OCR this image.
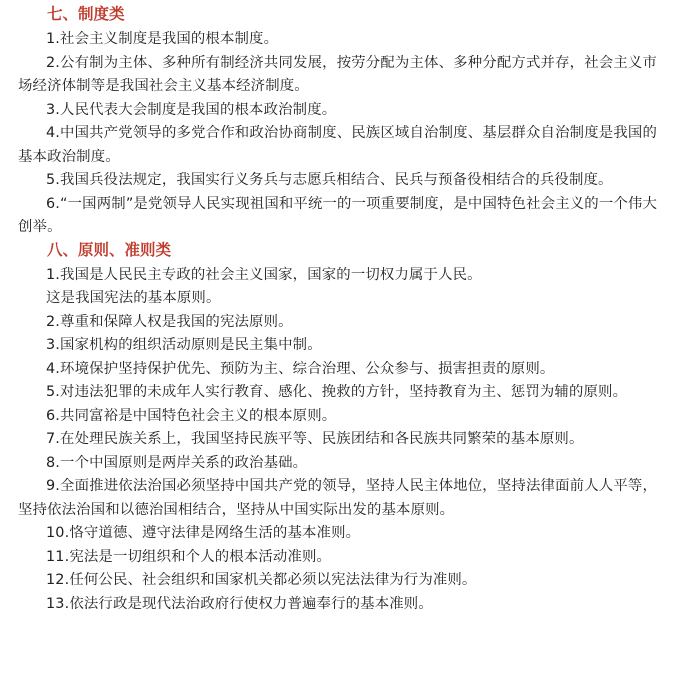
七、制度类

1.社会主义制度是我国的根本制度。

2.公有制为主体、多种所有制经济共同发展，按劳分配为主体、多种分配方式并存，社会主义市场经济体制等是我国社会主义基本经济制度。

3.人民代表大会制度是我国的根本政治制度。

4.中国共产党领导的多党合作和政治协商制度、民族区域自治制度、基层群众自治制度是我国的基本政治制度。

5.我国兵役法规定，我国实行义务兵与志愿兵相结合、民兵与预备役相结合的兵役制度。

6.“一国两制”是党领导人民实现祖国和平统一的一项重要制度，是中国特色社会主义的一个伟大创举。

八、原则、准则类

1.我国是人民民主专政的社会主义国家，国家的一切权力属于人民。

这是我国宪法的基本原则。

2.尊重和保障人权是我国的宪法原则。

3.国家机构的组织活动原则是民主集中制。

4.环境保护坚持保护优先、预防为主、综合治理、公众参与、损害担责的原则。

5.对违法犯罪的未成年人实行教育、感化、挽救的方针，坚持教育为主、惩罚为辅的原则。

6.共同富裕是中国特色社会主义的根本原则。

7.在处理民族关系上，我国坚持民族平等、民族团结和各民族共同繁荣的基本原则。

8.一个中国原则是两岸关系的政治基础。

9.全面推进依法治国必须坚持中国共产党的领导，坚持人民主体地位，坚持法律面前人人平等，坚持依法治国和以德治国相结合，坚持从中国实际出发的基本原则。

10.恪守道德、遵守法律是网络生活的基本准则。

11.宪法是一切组织和个人的根本活动准则。

12.任何公民、社会组织和国家机关都必须以宪法法律为行为准则。

13.依法行政是现代法治政府行使权力普遍奉行的基本准则。
